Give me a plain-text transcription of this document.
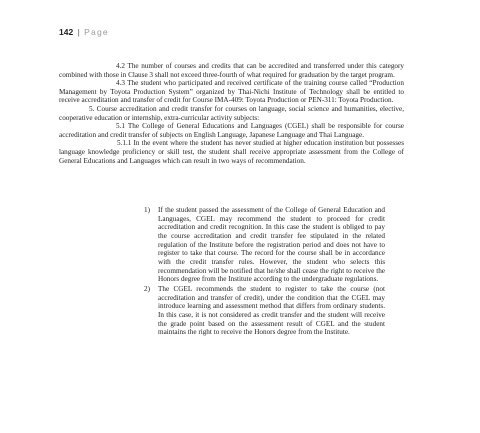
142 | Page

4.2 The number of courses and credits that can be accredited and transferred under this category combined with those in Clause 3 shall not exceed three-fourth of what required for graduation by the target program.

4.3 The student who participated and received certificate of the training course called “Production Management by Toyota Production System” organized by Thai-Nichi Institute of Technology shall be entitled to receive accreditation and transfer of credit for Course IMA-409: Toyota Production or PEN-311: Toyota Production.

5. Course accreditation and credit transfer for courses on language, social science and humanities, elective, cooperative education or internship, extra-curricular activity subjects:

5.1 The College of General Educations and Languages (CGEL) shall be responsible for course accreditation and credit transfer of subjects on English Language, Japanese Language and Thai Language.

5.1.1 In the event where the student has never studied at higher education institution but possesses language knowledge proficiency or skill test, the student shall receive appropriate assessment from the College of General Educations and Languages which can result in two ways of recommendation.

1) If the student passed the assessment of the College of General Education and Languages, CGEL may recommend the student to proceed for credit accreditation and credit recognition. In this case the student is obliged to pay the course accreditation and credit transfer fee stipulated in the related regulation of the Institute before the registration period and does not have to register to take that course. The record for the course shall be in accordance with the credit transfer rules. However, the student who selects this recommendation will be notified that he/she shall cease the right to receive the Honors degree from the Institute according to the undergraduate regulations.
2) The CGEL recommends the student to register to take the course (not accreditation and transfer of credit), under the condition that the CGEL may introduce learning and assessment method that differs from ordinary students. In this case, it is not considered as credit transfer and the student will receive the grade point based on the assessment result of CGEL and the student maintains the right to receive the Honors degree from the Institute.
